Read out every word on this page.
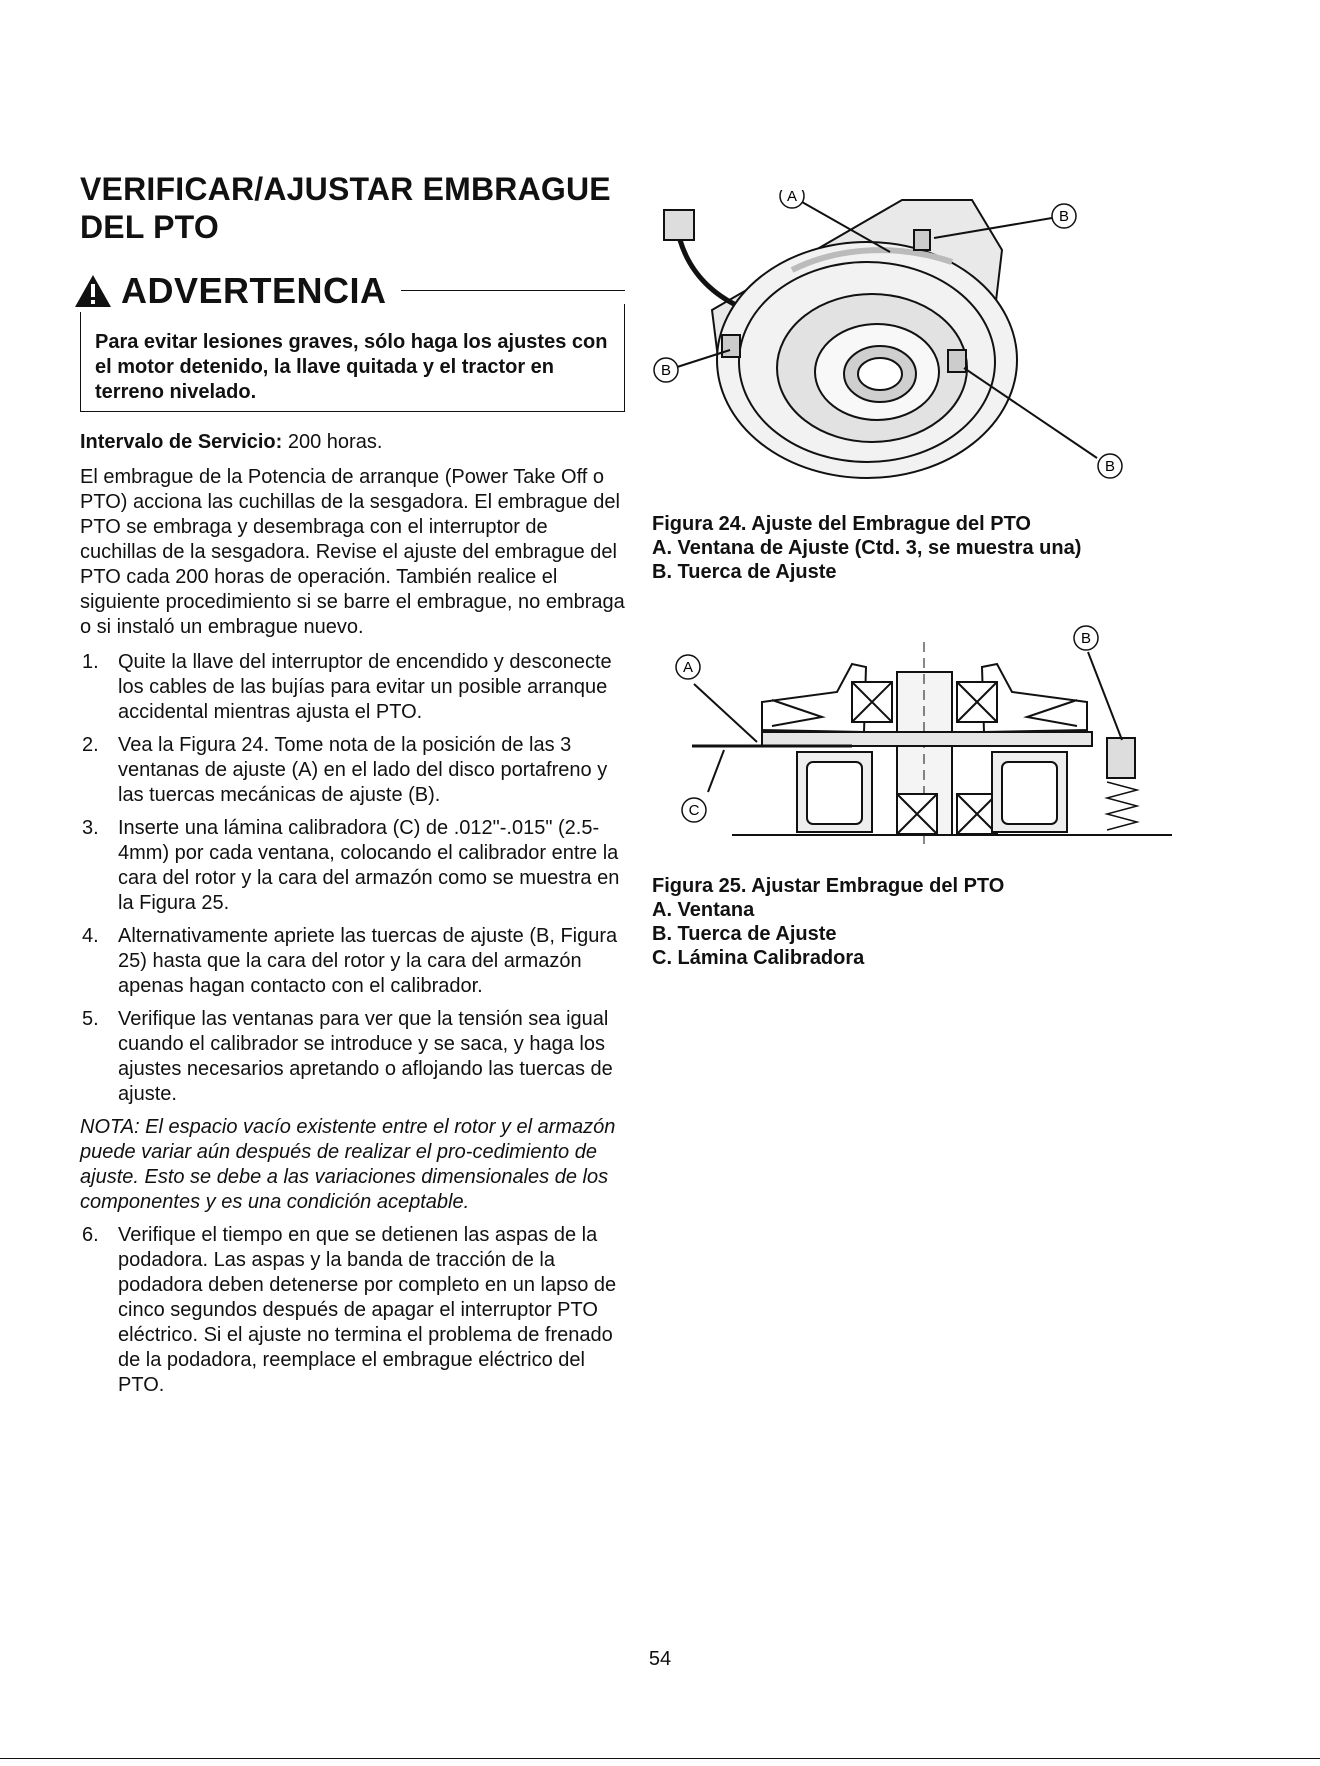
VERIFICAR/AJUSTAR EMBRAGUE DEL PTO
ADVERTENCIA

Para evitar lesiones graves, sólo haga los ajustes con el motor detenido, la llave quitada y el tractor en terreno nivelado.

Intervalo de Servicio: 200 horas.

El embrague de la Potencia de arranque (Power Take Off o PTO) acciona las cuchillas de la sesgadora. El embrague del PTO se embraga y desembraga con el interruptor de cuchillas de la sesgadora. Revise el ajuste del embrague del PTO cada 200 horas de operación. También realice el siguiente procedimiento si se barre el embrague, no embraga o si instaló un embrague nuevo.

1. Quite la llave del interruptor de encendido y desconecte los cables de las bujías para evitar un posible arranque accidental mientras ajusta el PTO.
2. Vea la Figura 24. Tome nota de la posición de las 3 ventanas de ajuste (A) en el lado del disco portafreno y las tuercas mecánicas de ajuste (B).
3. Inserte una lámina calibradora (C) de .012"-.015" (2.5-4mm) por cada ventana, colocando el calibrador entre la cara del rotor y la cara del armazón como se muestra en la Figura 25.
4. Alternativamente apriete las tuercas de ajuste (B, Figura 25) hasta que la cara del rotor y la cara del armazón apenas hagan contacto con el calibrador.
5. Verifique las ventanas para ver que la tensión sea igual cuando el calibrador se introduce y se saca, y haga los ajustes necesarios apretando o aflojando las tuercas de ajuste.

NOTA: El espacio vacío existente entre el rotor y el armazón puede variar aún después de realizar el pro-cedimiento de ajuste. Esto se debe a las variaciones dimensionales de los componentes y es una condición aceptable.

6. Verifique el tiempo en que se detienen las aspas de la podadora. Las aspas y la banda de tracción de la podadora deben detenerse por completo en un lapso de cinco segundos después de apagar el interruptor PTO eléctrico. Si el ajuste no termina el problema de frenado de la podadora, reemplace el embrague eléctrico del PTO.
A
B
B
B

Figura 24. Ajuste del Embrague del PTO

A. Ventana de Ajuste (Ctd. 3, se muestra una)

B. Tuerca de Ajuste

A
B
C

Figura 25. Ajustar Embrague del PTO

A. Ventana

B. Tuerca de Ajuste

C. Lámina Calibradora

54
